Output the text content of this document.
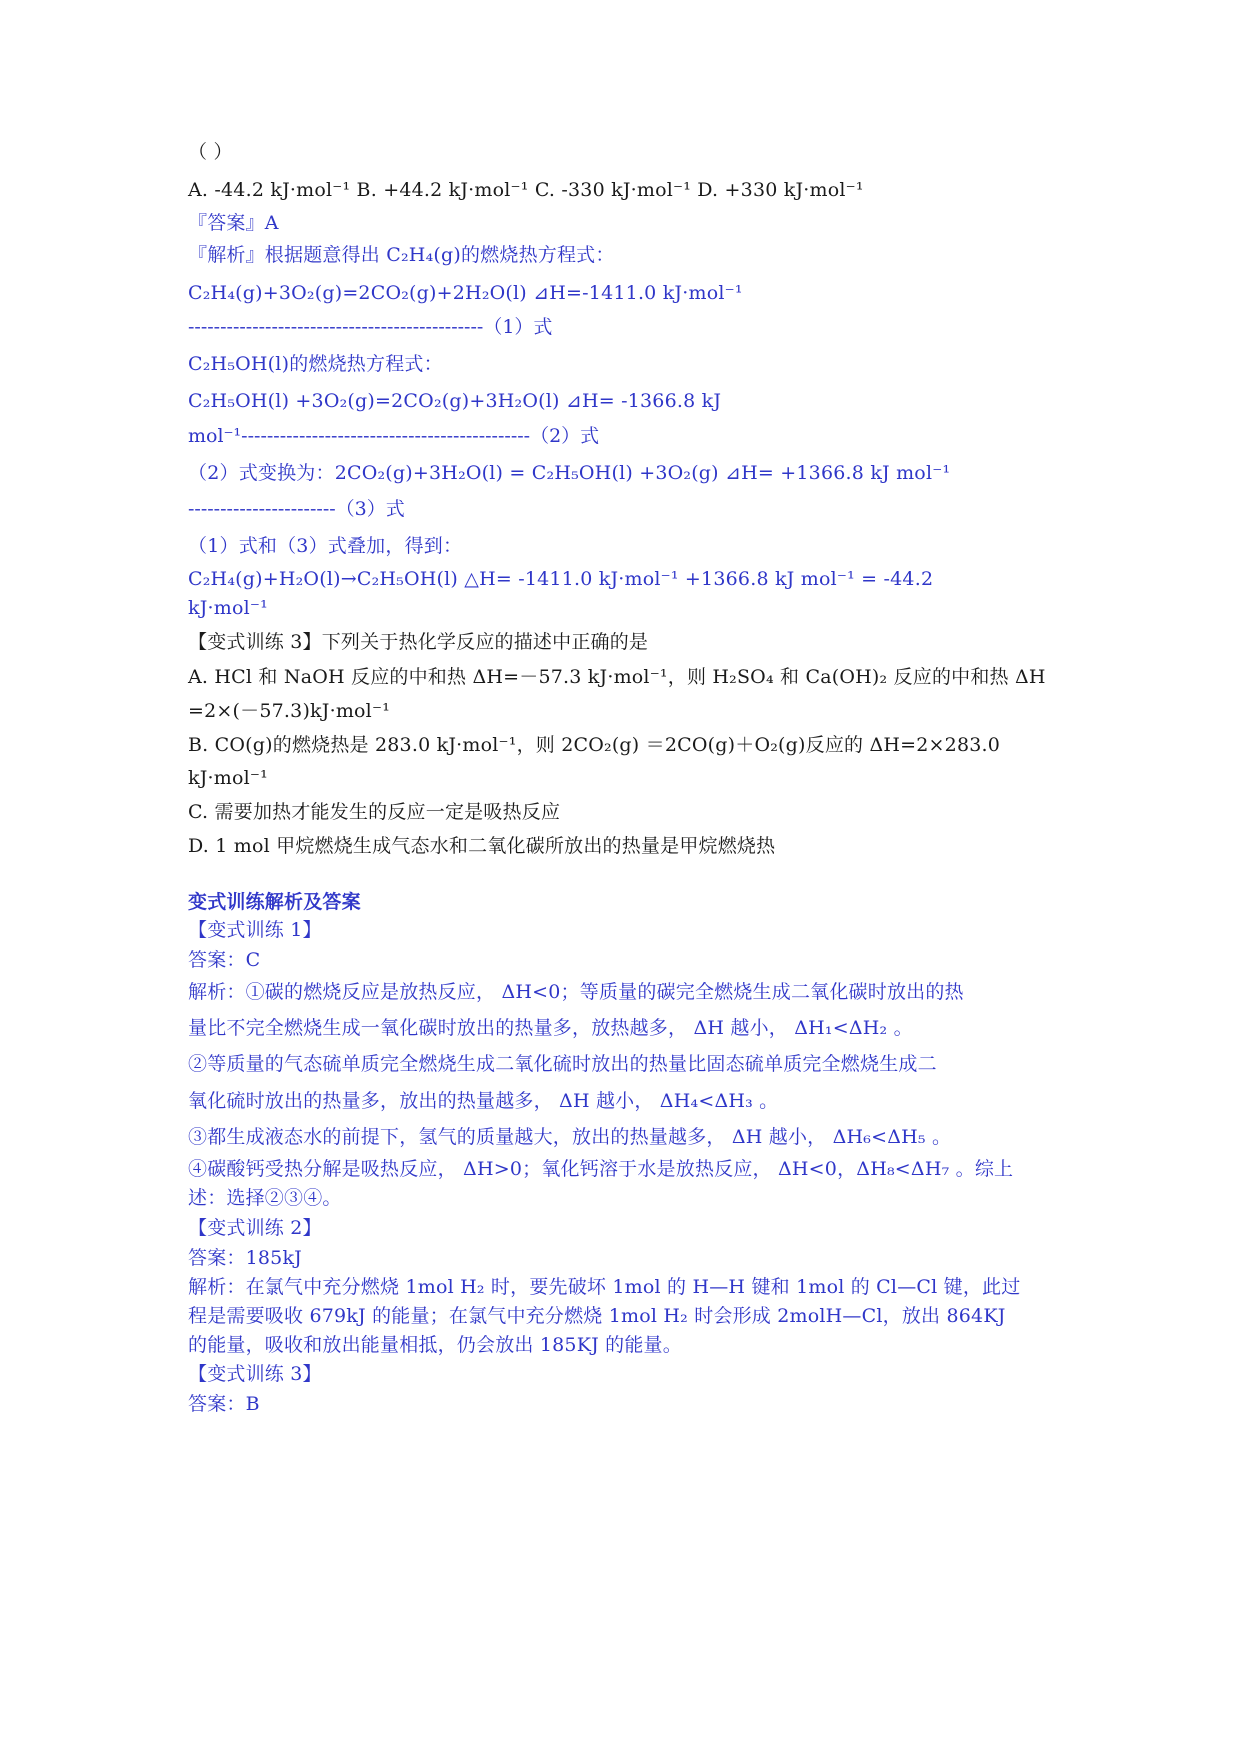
（ ）
A. -44.2 kJ·mol⁻¹ B. +44.2 kJ·mol⁻¹ C. -330 kJ·mol⁻¹ D. +330 kJ·mol⁻¹
『答案』A
『解析』根据题意得出 C₂H₄(g)的燃烧热方程式：
C₂H₄(g)+3O₂(g)=2CO₂(g)+2H₂O(l) ⊿H=-1411.0 kJ·mol⁻¹
----------------------------------------------（1）式
C₂H₅OH(l)的燃烧热方程式：
C₂H₅OH(l) +3O₂(g)=2CO₂(g)+3H₂O(l) ⊿H= -1366.8 kJ
mol⁻¹---------------------------------------------（2）式
（2）式变换为：2CO₂(g)+3H₂O(l) = C₂H₅OH(l) +3O₂(g) ⊿H= +1366.8 kJ mol⁻¹
-----------------------（3）式
（1）式和（3）式叠加，得到：
C₂H₄(g)+H₂O(l)→C₂H₅OH(l) △H= -1411.0 kJ·mol⁻¹ +1366.8 kJ mol⁻¹ = -44.2
kJ·mol⁻¹
【变式训练 3】下列关于热化学反应的描述中正确的是
A. HCl 和 NaOH 反应的中和热 ΔH=－57.3 kJ·mol⁻¹，则 H₂SO₄ 和 Ca(OH)₂ 反应的中和热 ΔH
=2×(－57.3)kJ·mol⁻¹
B. CO(g)的燃烧热是 283.0 kJ·mol⁻¹，则 2CO₂(g) ＝2CO(g)＋O₂(g)反应的 ΔH=2×283.0
kJ·mol⁻¹
C. 需要加热才能发生的反应一定是吸热反应
D. 1 mol 甲烷燃烧生成气态水和二氧化碳所放出的热量是甲烷燃烧热
变式训练解析及答案
【变式训练 1】
答案：C
解析：①碳的燃烧反应是放热反应， ΔH<0；等质量的碳完全燃烧生成二氧化碳时放出的热
量比不完全燃烧生成一氧化碳时放出的热量多，放热越多， ΔH 越小， ΔH₁<ΔH₂ 。
②等质量的气态硫单质完全燃烧生成二氧化硫时放出的热量比固态硫单质完全燃烧生成二
氧化硫时放出的热量多，放出的热量越多， ΔH 越小， ΔH₄<ΔH₃ 。
③都生成液态水的前提下，氢气的质量越大，放出的热量越多， ΔH 越小， ΔH₆<ΔH₅ 。
④碳酸钙受热分解是吸热反应， ΔH>0；氧化钙溶于水是放热反应， ΔH<0，ΔH₈<ΔH₇ 。综上
述：选择②③④。
【变式训练 2】
答案：185kJ
解析：在氯气中充分燃烧 1mol H₂ 时，要先破坏 1mol 的 H—H 键和 1mol 的 Cl—Cl 键，此过
程是需要吸收 679kJ 的能量；在氯气中充分燃烧 1mol H₂ 时会形成 2molH—Cl，放出 864KJ
的能量，吸收和放出能量相抵，仍会放出 185KJ 的能量。
【变式训练 3】
答案：B
